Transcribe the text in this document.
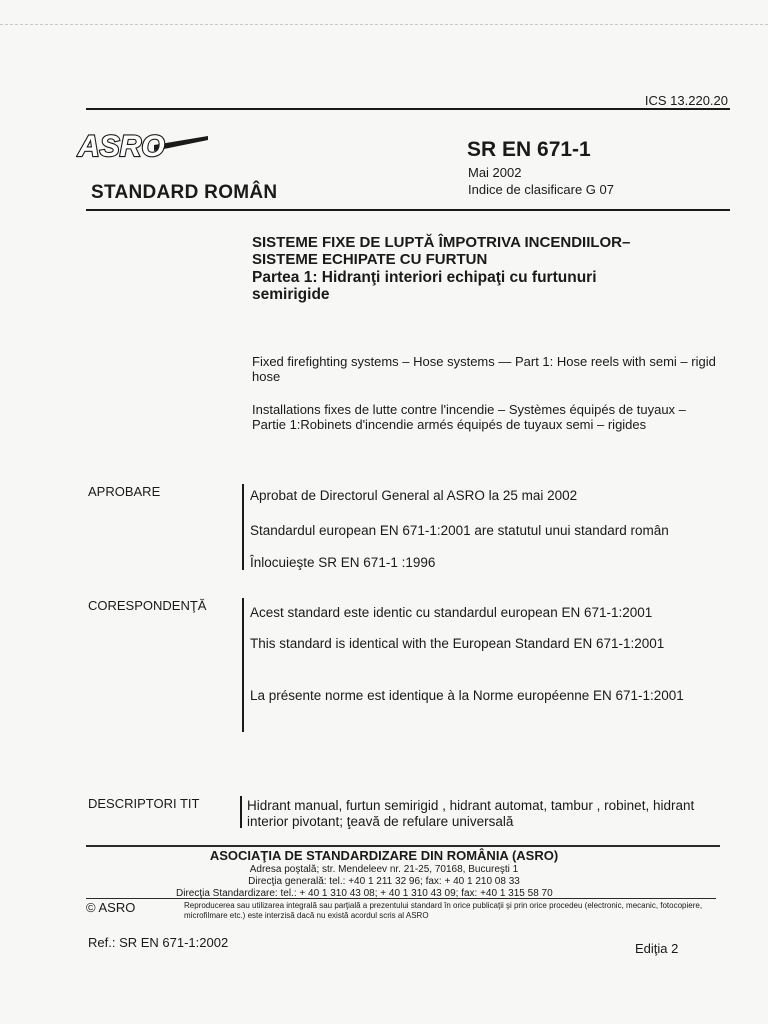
ICS 13.220.20
ASRO
STANDARD ROMÂN
SR EN 671-1
Mai 2002
Indice de clasificare G 07
SISTEME FIXE DE LUPTĂ ÎMPOTRIVA INCENDIILOR–
SISTEME ECHIPATE CU FURTUN
Partea 1: Hidranţi interiori echipaţi cu furtunuri
semirigide
Fixed firefighting systems – Hose systems — Part 1: Hose reels with semi – rigid hose
Installations fixes de lutte contre l'incendie – Systèmes équipés de tuyaux – Partie 1:Robinets d'incendie armés équipés de tuyaux semi – rigides
APROBARE	Aprobat de Directorul General al ASRO la 25 mai 2002
Standardul european EN 671-1:2001 are statutul unui standard român
Înlocuieşte SR EN 671-1 :1996
CORESPONDENŢĂ	Acest standard este identic cu standardul european EN 671-1:2001
This standard is identical with the European Standard EN 671-1:2001
La présente norme est identique à la Norme européenne EN 671-1:2001
DESCRIPTORI TIT	Hidrant manual, furtun semirigid , hidrant automat, tambur , robinet, hidrant interior pivotant; ţeavă de refulare universală
ASOCIAŢIA DE STANDARDIZARE DIN ROMÂNIA (ASRO)
Adresa poştală; str. Mendeleev nr. 21-25, 70168, Bucureşti 1
Direcţia generală: tel.: +40 1 211 32 96; fax: + 40 1 210 08 33
Direcţia Standardizare: tel.: + 40 1 310 43 08; + 40 1 310 43 09; fax: +40 1 315 58 70
© ASRO	Reproducerea sau utilizarea integrală sau parţială a prezentului standard în orice publicaţii şi prin orice procedeu (electronic, mecanic, fotocopiere, microfilmare etc.) este interzisă dacă nu există acordul scris al ASRO
Ref.: SR EN 671-1:2002	Ediţia 2
